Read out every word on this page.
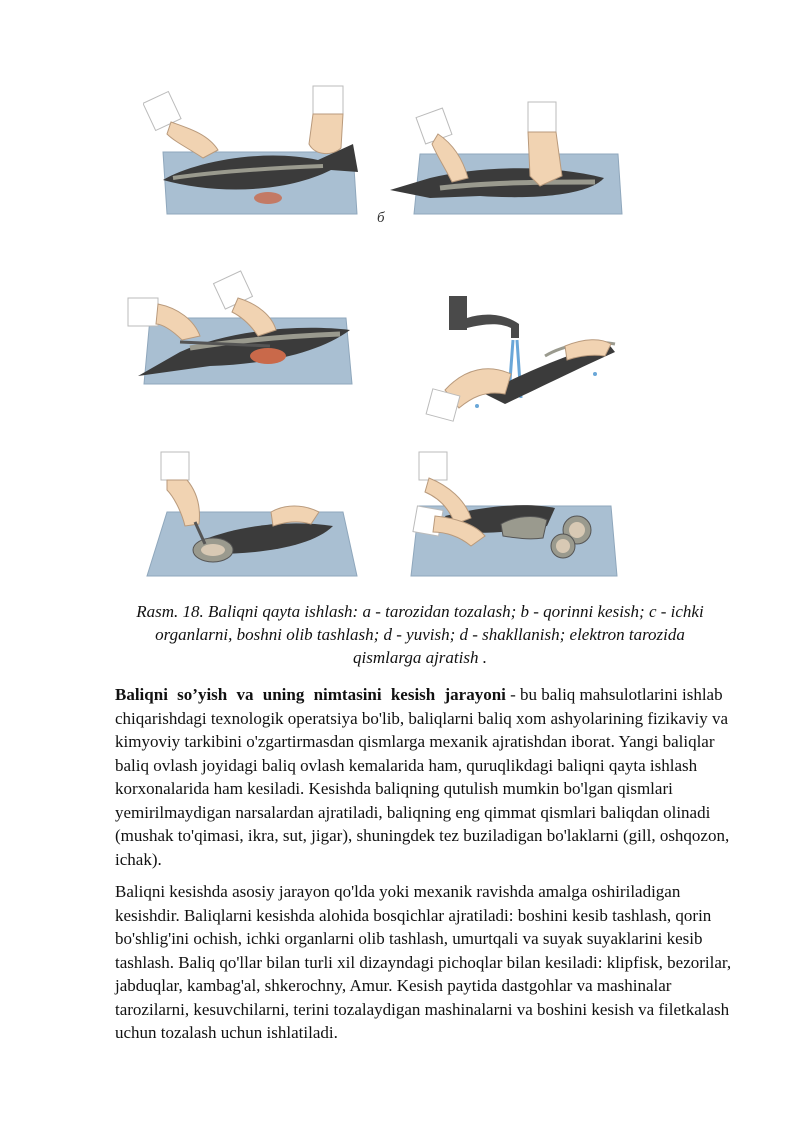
б
Rasm. 18. Baliqni qayta ishlash: a - tarozidan tozalash; b - qorinni kesish; c - ichki organlarni, boshni olib tashlash; d - yuvish; d - shakllanish; elektron tarozida qismlarga ajratish .

Baliqni so’yish va uning nimtasini kesish jarayoni - bu baliq mahsulotlarini ishlab chiqarishdagi texnologik operatsiya bo'lib, baliqlarni baliq xom ashyolarining fizikaviy va kimyoviy tarkibini o'zgartirmasdan qismlarga mexanik ajratishdan iborat. Yangi baliqlar baliq ovlash joyidagi baliq ovlash kemalarida ham, quruqlikdagi baliqni qayta ishlash korxonalarida ham kesiladi. Kesishda baliqning qutulish mumkin bo'lgan qismlari yemirilmaydigan narsalardan ajratiladi, baliqning eng qimmat qismlari baliqdan olinadi (mushak to'qimasi, ikra, sut, jigar), shuningdek tez buziladigan bo'laklarni (gill, oshqozon, ichak).

Baliqni kesishda asosiy jarayon qo'lda yoki mexanik ravishda amalga oshiriladigan kesishdir. Baliqlarni kesishda alohida bosqichlar ajratiladi: boshini kesib tashlash, qorin bo'shlig'ini ochish, ichki organlarni olib tashlash, umurtqali va suyak suyaklarini kesib tashlash. Baliq qo'llar bilan turli xil dizayndagi pichoqlar bilan kesiladi: klipfisk, bezorilar, jabduqlar, kambag'al, shkerochny, Amur. Kesish paytida dastgohlar va mashinalar tarozilarni, kesuvchilarni, terini tozalaydigan mashinalarni va boshini kesish va filetkalash uchun tozalash uchun ishlatiladi.
